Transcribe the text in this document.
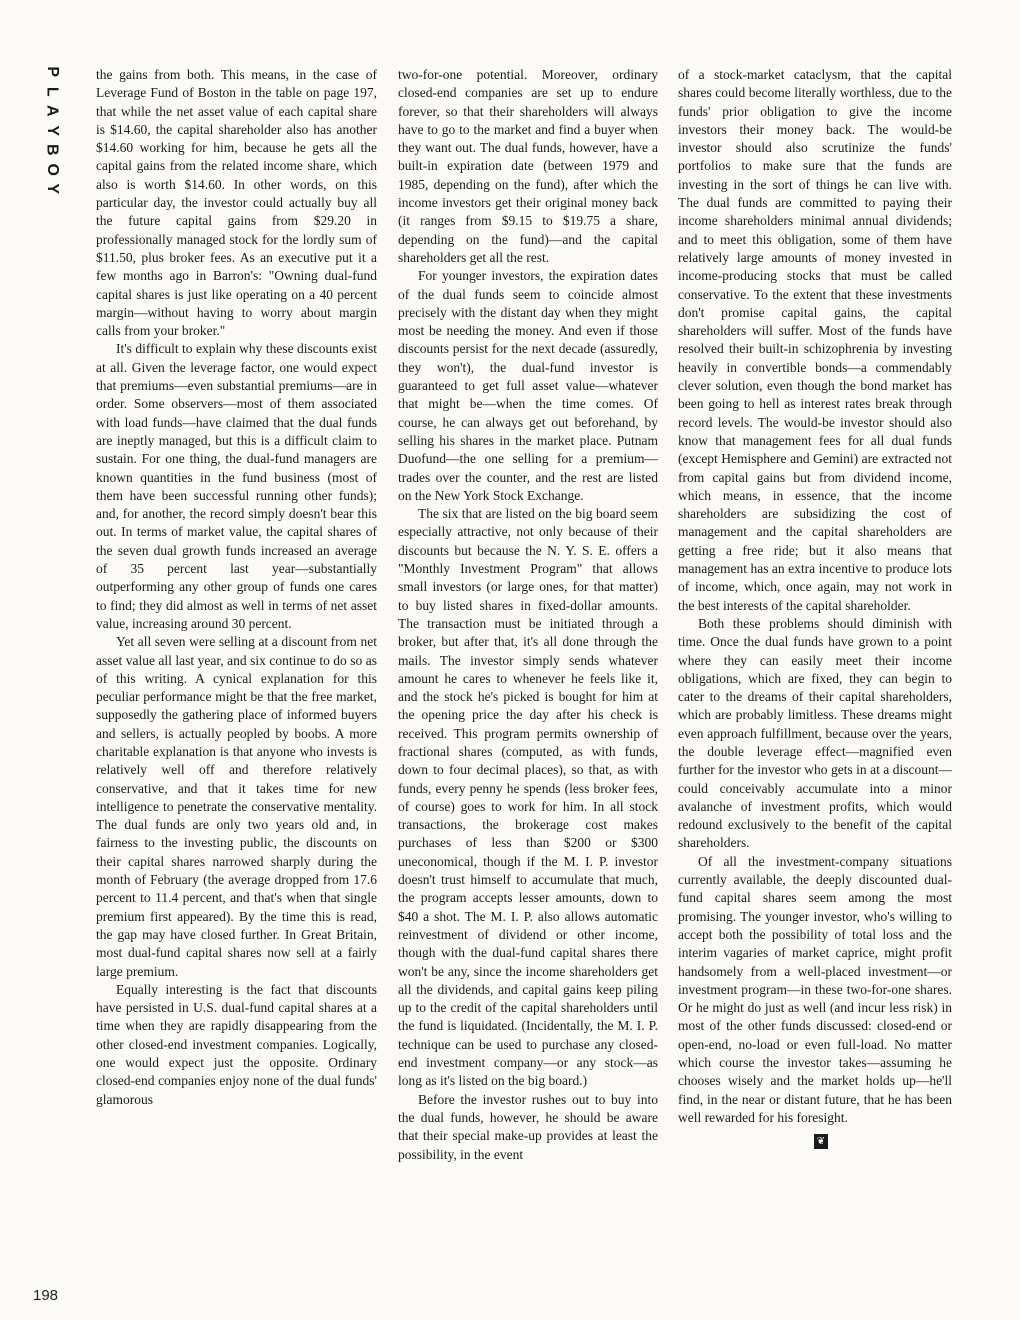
P
L
A
Y
B
O
Y

the gains from both. This means, in the case of Leverage Fund of Boston in the table on page 197, that while the net asset value of each capital share is $14.60, the capital shareholder also has another $14.60 working for him, because he gets all the capital gains from the related income share, which also is worth $14.60. In other words, on this particular day, the investor could actually buy all the future capital gains from $29.20 in professionally managed stock for the lordly sum of $11.50, plus broker fees. As an executive put it a few months ago in Barron's: "Owning dual-fund capital shares is just like operating on a 40 percent margin—without having to worry about margin calls from your broker."

It's difficult to explain why these discounts exist at all. Given the leverage factor, one would expect that premiums—even substantial premiums—are in order. Some observers—most of them associated with load funds—have claimed that the dual funds are ineptly managed, but this is a difficult claim to sustain. For one thing, the dual-fund managers are known quantities in the fund business (most of them have been successful running other funds); and, for another, the record simply doesn't bear this out. In terms of market value, the capital shares of the seven dual growth funds increased an average of 35 percent last year—substantially outperforming any other group of funds one cares to find; they did almost as well in terms of net asset value, increasing around 30 percent.

Yet all seven were selling at a discount from net asset value all last year, and six continue to do so as of this writing. A cynical explanation for this peculiar performance might be that the free market, supposedly the gathering place of informed buyers and sellers, is actually peopled by boobs. A more charitable explanation is that anyone who invests is relatively well off and therefore relatively conservative, and that it takes time for new intelligence to penetrate the conservative mentality. The dual funds are only two years old and, in fairness to the investing public, the discounts on their capital shares narrowed sharply during the month of February (the average dropped from 17.6 percent to 11.4 percent, and that's when that single premium first appeared). By the time this is read, the gap may have closed further. In Great Britain, most dual-fund capital shares now sell at a fairly large premium.

Equally interesting is the fact that discounts have persisted in U.S. dual-fund capital shares at a time when they are rapidly disappearing from the other closed-end investment companies. Logically, one would expect just the opposite. Ordinary closed-end companies enjoy none of the dual funds' glamorous

two-for-one potential. Moreover, ordinary closed-end companies are set up to endure forever, so that their shareholders will always have to go to the market and find a buyer when they want out. The dual funds, however, have a built-in expiration date (between 1979 and 1985, depending on the fund), after which the income investors get their original money back (it ranges from $9.15 to $19.75 a share, depending on the fund)—and the capital shareholders get all the rest.

For younger investors, the expiration dates of the dual funds seem to coincide almost precisely with the distant day when they might most be needing the money. And even if those discounts persist for the next decade (assuredly, they won't), the dual-fund investor is guaranteed to get full asset value—whatever that might be—when the time comes. Of course, he can always get out beforehand, by selling his shares in the market place. Putnam Duofund—the one selling for a premium—trades over the counter, and the rest are listed on the New York Stock Exchange.

The six that are listed on the big board seem especially attractive, not only because of their discounts but because the N. Y. S. E. offers a "Monthly Investment Program" that allows small investors (or large ones, for that matter) to buy listed shares in fixed-dollar amounts. The transaction must be initiated through a broker, but after that, it's all done through the mails. The investor simply sends whatever amount he cares to whenever he feels like it, and the stock he's picked is bought for him at the opening price the day after his check is received. This program permits ownership of fractional shares (computed, as with funds, down to four decimal places), so that, as with funds, every penny he spends (less broker fees, of course) goes to work for him. In all stock transactions, the brokerage cost makes purchases of less than $200 or $300 uneconomical, though if the M. I. P. investor doesn't trust himself to accumulate that much, the program accepts lesser amounts, down to $40 a shot. The M. I. P. also allows automatic reinvestment of dividend or other income, though with the dual-fund capital shares there won't be any, since the income shareholders get all the dividends, and capital gains keep piling up to the credit of the capital shareholders until the fund is liquidated. (Incidentally, the M. I. P. technique can be used to purchase any closed-end investment company—or any stock—as long as it's listed on the big board.)

Before the investor rushes out to buy into the dual funds, however, he should be aware that their special make-up provides at least the possibility, in the event

of a stock-market cataclysm, that the capital shares could become literally worthless, due to the funds' prior obligation to give the income investors their money back. The would-be investor should also scrutinize the funds' portfolios to make sure that the funds are investing in the sort of things he can live with. The dual funds are committed to paying their income shareholders minimal annual dividends; and to meet this obligation, some of them have relatively large amounts of money invested in income-producing stocks that must be called conservative. To the extent that these investments don't promise capital gains, the capital shareholders will suffer. Most of the funds have resolved their built-in schizophrenia by investing heavily in convertible bonds—a commendably clever solution, even though the bond market has been going to hell as interest rates break through record levels. The would-be investor should also know that management fees for all dual funds (except Hemisphere and Gemini) are extracted not from capital gains but from dividend income, which means, in essence, that the income shareholders are subsidizing the cost of management and the capital shareholders are getting a free ride; but it also means that management has an extra incentive to produce lots of income, which, once again, may not work in the best interests of the capital shareholder.

Both these problems should diminish with time. Once the dual funds have grown to a point where they can easily meet their income obligations, which are fixed, they can begin to cater to the dreams of their capital shareholders, which are probably limitless. These dreams might even approach fulfillment, because over the years, the double leverage effect—magnified even further for the investor who gets in at a discount—could conceivably accumulate into a minor avalanche of investment profits, which would redound exclusively to the benefit of the capital shareholders.

Of all the investment-company situations currently available, the deeply discounted dual-fund capital shares seem among the most promising. The younger investor, who's willing to accept both the possibility of total loss and the interim vagaries of market caprice, might profit handsomely from a well-placed investment—or investment program—in these two-for-one shares. Or he might do just as well (and incur less risk) in most of the other funds discussed: closed-end or open-end, no-load or even full-load. No matter which course the investor takes—assuming he chooses wisely and the market holds up—he'll find, in the near or distant future, that he has been well rewarded for his foresight.

❦
198
